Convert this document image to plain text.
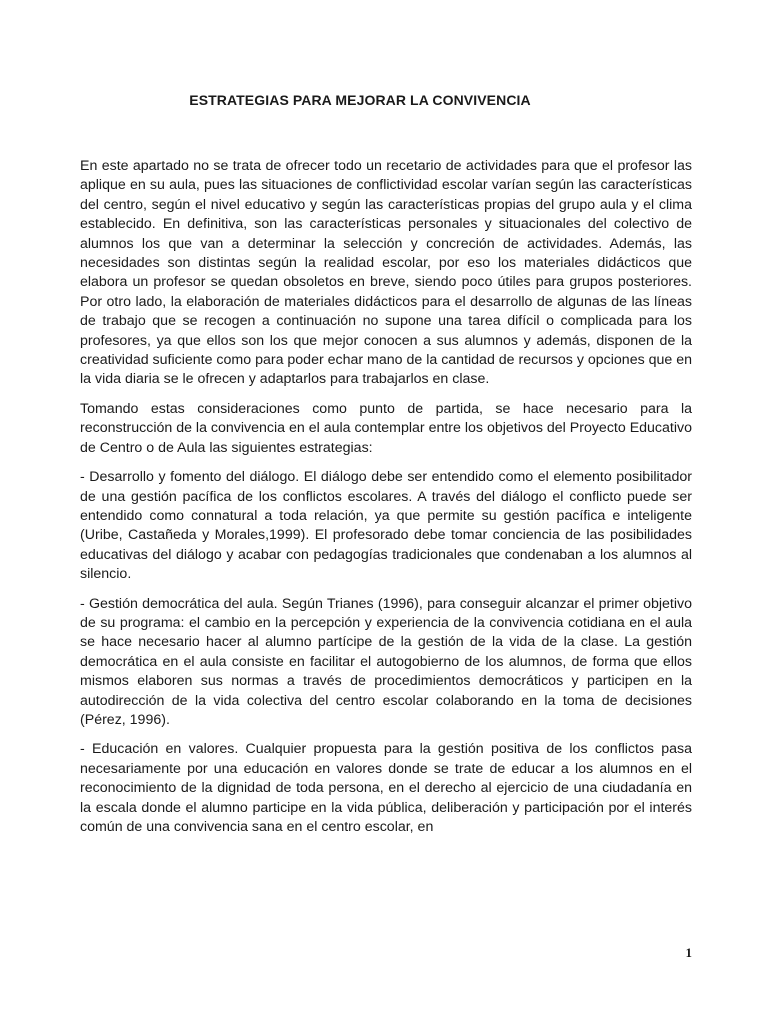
ESTRATEGIAS PARA MEJORAR LA CONVIVENCIA

En este apartado no se trata de ofrecer todo un recetario de actividades para que el profesor las aplique en su aula, pues las situaciones de conflictividad escolar varían según las características del centro, según el nivel educativo y según las características propias del grupo aula y el clima establecido. En definitiva, son las características personales y situacionales del colectivo de alumnos los que van a determinar la selección y concreción de actividades. Además, las necesidades son distintas según la realidad escolar, por eso los materiales didácticos que elabora un profesor se quedan obsoletos en breve, siendo poco útiles para grupos posteriores. Por otro lado, la elaboración de materiales didácticos para el desarrollo de algunas de las líneas de trabajo que se recogen a continuación no supone una tarea difícil o complicada para los profesores, ya que ellos son los que mejor conocen a sus alumnos y además, disponen de la creatividad suficiente como para poder echar mano de la cantidad de recursos y opciones que en la vida diaria se le ofrecen y adaptarlos para trabajarlos en clase.

Tomando estas consideraciones como punto de partida, se hace necesario para la reconstrucción de la convivencia en el aula contemplar entre los objetivos del Proyecto Educativo de Centro o de Aula las siguientes estrategias:

- Desarrollo y fomento del diálogo. El diálogo debe ser entendido como el elemento posibilitador de una gestión pacífica de los conflictos escolares. A través del diálogo el conflicto puede ser entendido como connatural a toda relación, ya que permite su gestión pacífica e inteligente (Uribe, Castañeda y Morales,1999). El profesorado debe tomar conciencia de las posibilidades educativas del diálogo y acabar con pedagogías tradicionales que condenaban a los alumnos al silencio.

- Gestión democrática del aula. Según Trianes (1996), para conseguir alcanzar el primer objetivo de su programa: el cambio en la percepción y experiencia de la convivencia cotidiana en el aula se hace necesario hacer al alumno partícipe de la gestión de la vida de la clase. La gestión democrática en el aula consiste en facilitar el autogobierno de los alumnos, de forma que ellos mismos elaboren sus normas a través de procedimientos democráticos y participen en la autodirección de la vida colectiva del centro escolar colaborando en la toma de decisiones (Pérez, 1996).

- Educación en valores. Cualquier propuesta para la gestión positiva de los conflictos pasa necesariamente por una educación en valores donde se trate de educar a los alumnos en el reconocimiento de la dignidad de toda persona, en el derecho al ejercicio de una ciudadanía en la escala donde el alumno participe en la vida pública, deliberación y participación por el interés común de una convivencia sana en el centro escolar, en

1
